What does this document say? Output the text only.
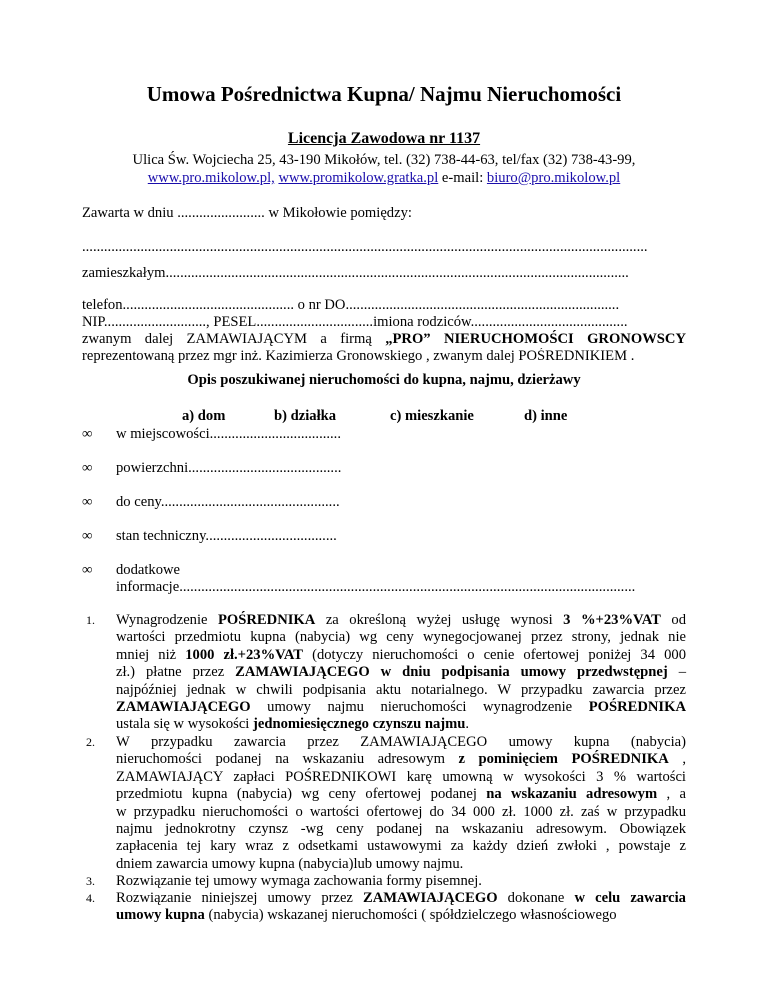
Umowa Pośrednictwa Kupna/ Najmu Nieruchomości
Licencja Zawodowa nr 1137
Ulica Św. Wojciecha 25, 43-190 Mikołów, tel. (32) 738-44-63, tel/fax (32) 738-43-99,
www.pro.mikolow.pl, www.promikolow.gratka.pl e-mail: biuro@pro.mikolow.pl
Zawarta w dniu ........................ w Mikołowie pomiędzy:
...........................................................................................................................................................
zamieszkałym...............................................................................................................................
telefon............................................... o nr DO...........................................................................
NIP............................, PESEL................................imiona rodziców...........................................
zwanym dalej ZAMAWIAJĄCYM a firmą „PRO” NIERUCHOMOŚCI GRONOWSCY
reprezentowaną przez mgr inż. Kazimierza Gronowskiego , zwanym dalej POŚREDNIKIEM .
Opis poszukiwanej nieruchomości do kupna, najmu, dzierżawy
a) dom	b) działka	c) mieszkanie	d) inne
∞ w miejscowości....................................
∞ powierzchni..........................................
∞ do ceny.................................................
∞ stan techniczny....................................
∞ dodatkowe
informacje.............................................................................................................................
1. Wynagrodzenie POŚREDNIKA za określoną wyżej usługę wynosi 3 %+23%VAT od
wartości przedmiotu kupna (nabycia) wg ceny wynegocjowanej przez strony, jednak nie
mniej niż 1000 zł.+23%VAT (dotyczy nieruchomości o cenie ofertowej poniżej 34 000
zł.) płatne przez ZAMAWIAJĄCEGO w dniu podpisania umowy przedwstępnej –
najpóźniej jednak w chwili podpisania aktu notarialnego. W przypadku zawarcia przez
ZAMAWIAJĄCEGO umowy najmu nieruchomości wynagrodzenie POŚREDNIKA
ustala się w wysokości jednomiesięcznego czynszu najmu.
2. W przypadku zawarcia przez ZAMAWIAJĄCEGO umowy kupna (nabycia)
nieruchomości podanej na wskazaniu adresowym z pominięciem POŚREDNIKA ,
ZAMAWIAJĄCY zapłaci POŚREDNIKOWI karę umowną w wysokości 3 % wartości
przedmiotu kupna (nabycia) wg ceny ofertowej podanej na wskazaniu adresowym , a
w przypadku nieruchomości o wartości ofertowej do 34 000 zł. 1000 zł. zaś w przypadku
najmu jednokrotny czynsz -wg ceny podanej na wskazaniu adresowym. Obowiązek
zapłacenia tej kary wraz z odsetkami ustawowymi za każdy dzień zwłoki , powstaje z
dniem zawarcia umowy kupna (nabycia)lub umowy najmu.
3. Rozwiązanie tej umowy wymaga zachowania formy pisemnej.
4. Rozwiązanie niniejszej umowy przez ZAMAWIAJĄCEGO dokonane w celu zawarcia
umowy kupna (nabycia) wskazanej nieruchomości ( spółdzielczego własnościowego
